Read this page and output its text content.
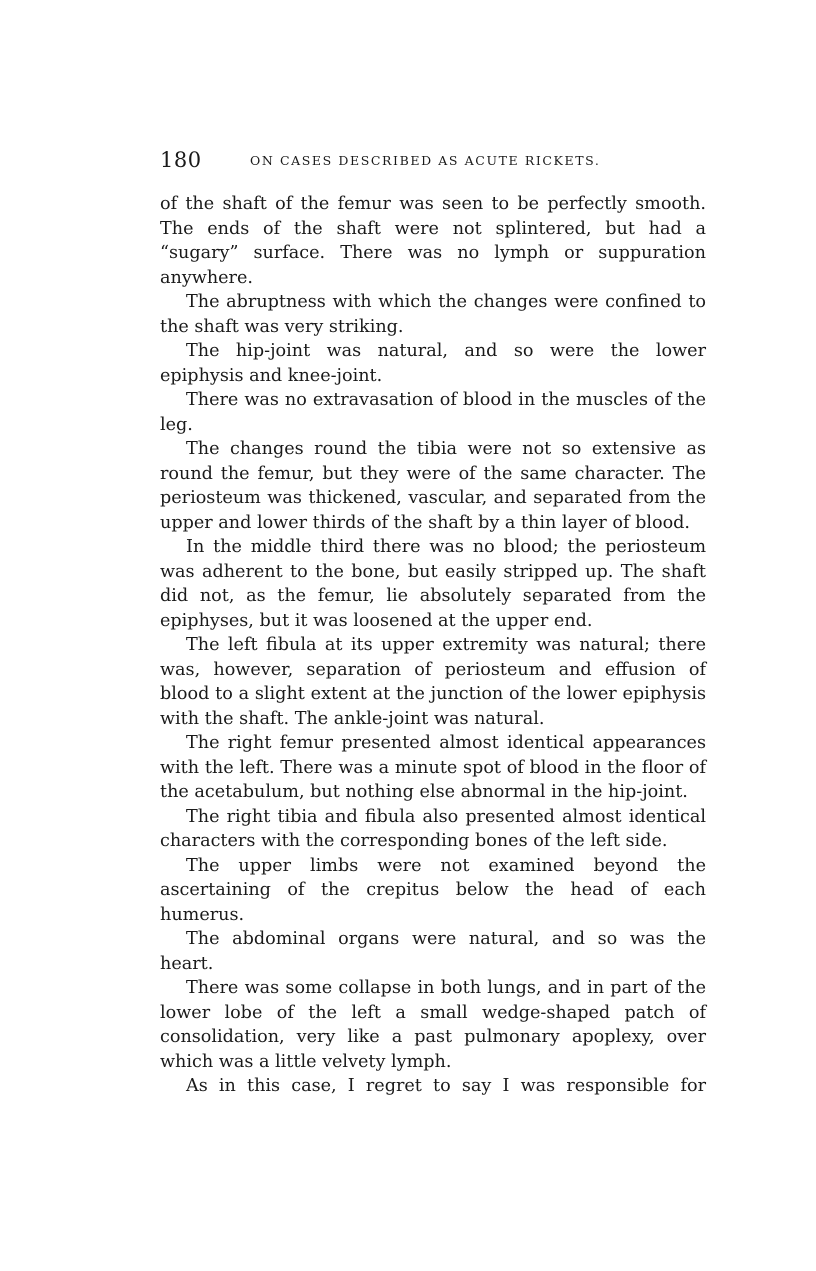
180	ON CASES DESCRIBED AS ACUTE RICKETS.

of the shaft of the femur was seen to be perfectly smooth. The ends of the shaft were not splintered, but had a “sugary” surface. There was no lymph or suppuration anywhere.

The abruptness with which the changes were confined to the shaft was very striking.

The hip-joint was natural, and so were the lower epiphysis and knee-joint.

There was no extravasation of blood in the muscles of the leg.

The changes round the tibia were not so extensive as round the femur, but they were of the same character. The periosteum was thickened, vascular, and separated from the upper and lower thirds of the shaft by a thin layer of blood.

In the middle third there was no blood; the periosteum was adherent to the bone, but easily stripped up. The shaft did not, as the femur, lie absolutely separated from the epiphyses, but it was loosened at the upper end.

The left fibula at its upper extremity was natural; there was, however, separation of periosteum and effusion of blood to a slight extent at the junction of the lower epiphysis with the shaft. The ankle-joint was natural.

The right femur presented almost identical appearances with the left. There was a minute spot of blood in the floor of the acetabulum, but nothing else abnormal in the hip-joint.

The right tibia and fibula also presented almost identical characters with the corresponding bones of the left side.

The upper limbs were not examined beyond the ascertaining of the crepitus below the head of each humerus.

The abdominal organs were natural, and so was the heart.

There was some collapse in both lungs, and in part of the lower lobe of the left a small wedge-shaped patch of consolidation, very like a past pulmonary apoplexy, over which was a little velvety lymph.

As in this case, I regret to say I was responsible for
